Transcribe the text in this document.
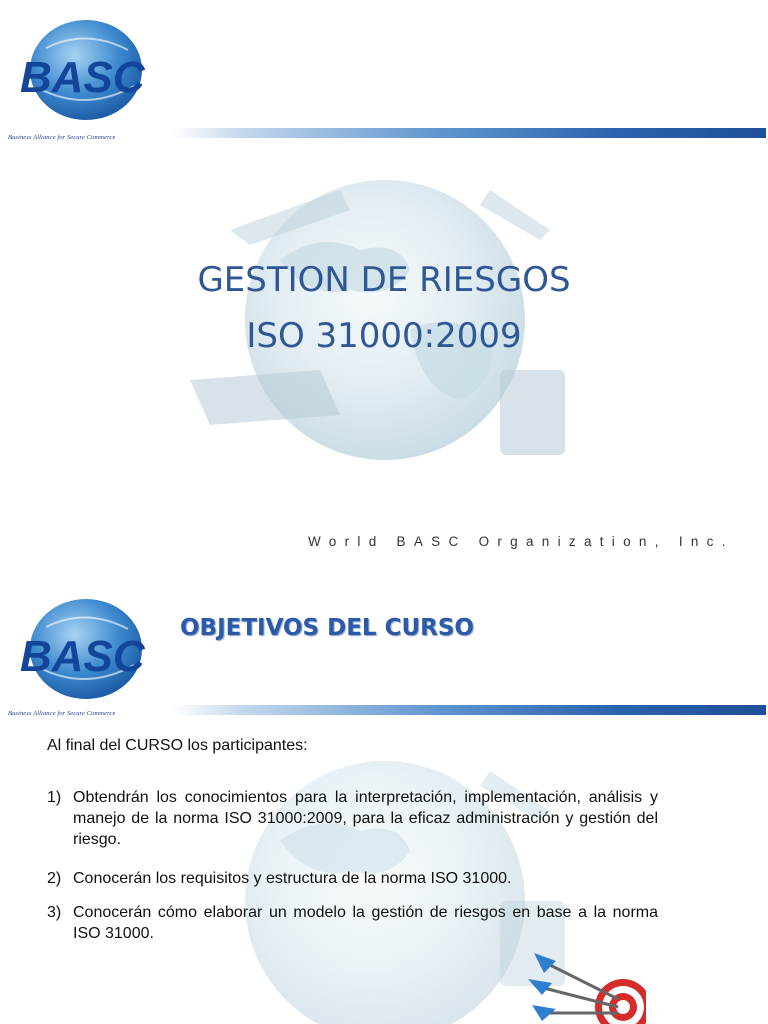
BASC
Business Alliance for Secure Commerce
GESTION DE RIESGOS
ISO 31000:2009
World BASC Organization, Inc.
BASC
Business Alliance for Secure Commerce
OBJETIVOS DEL CURSO
Al final del CURSO los participantes:
1) Obtendrán los conocimientos para la interpretación, implementación, análisis y manejo de la norma ISO 31000:2009, para la eficaz administración y gestión del riesgo.
2) Conocerán los requisitos y estructura de la norma ISO 31000.
3) Conocerán cómo elaborar un modelo la gestión de riesgos en base a la norma ISO 31000.
